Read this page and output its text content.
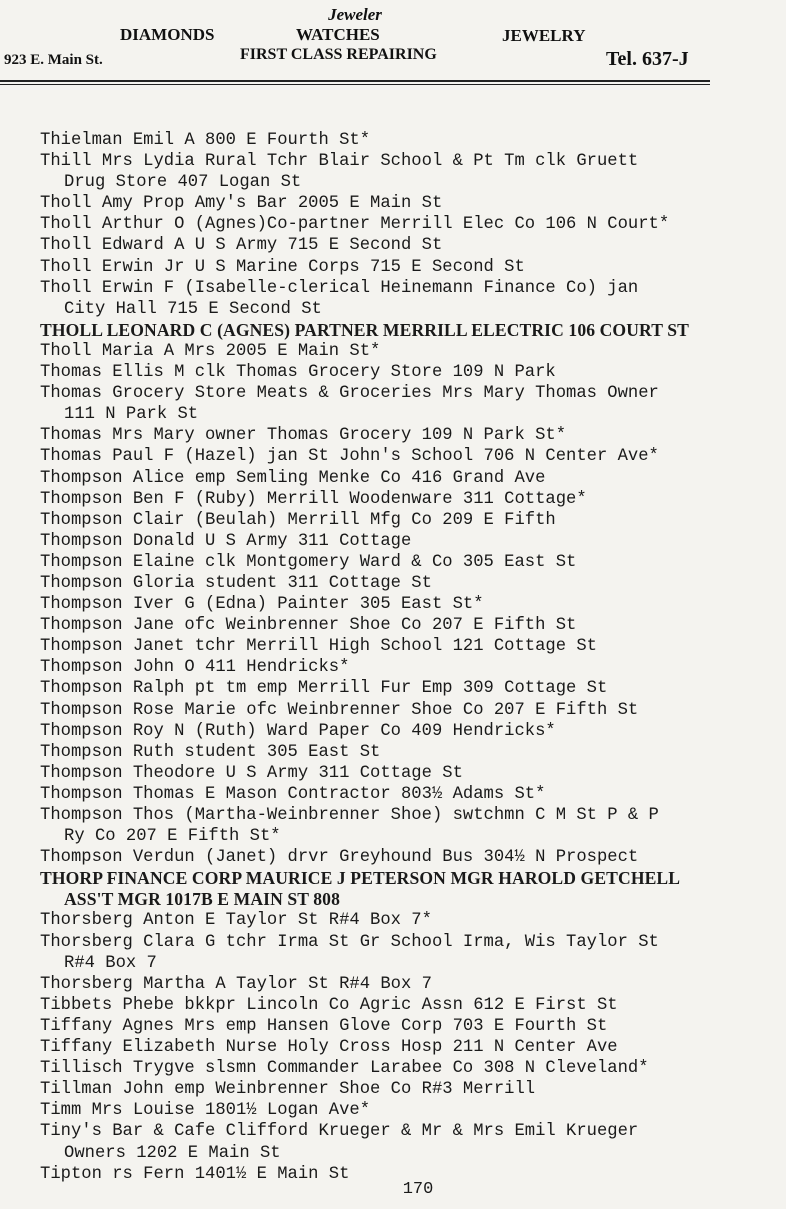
Jeweler
DIAMONDS	WATCHES	JEWELRY
923 E. Main St.	FIRST CLASS REPAIRING	Tel. 637-J
Thielman Emil A 800 E Fourth St*
Thill Mrs Lydia Rural Tchr Blair School & Pt Tm clk Gruett
Drug Store 407 Logan St
Tholl Amy Prop Amy's Bar 2005 E Main St
Tholl Arthur O (Agnes)Co-partner Merrill Elec Co 106 N Court*
Tholl Edward A U S Army 715 E Second St
Tholl Erwin Jr U S Marine Corps 715 E Second St
Tholl Erwin F (Isabelle-clerical Heinemann Finance Co) jan
City Hall 715 E Second St
THOLL LEONARD C (AGNES) PARTNER MERRILL ELECTRIC 106 COURT ST
Tholl Maria A Mrs 2005 E Main St*
Thomas Ellis M clk Thomas Grocery Store 109 N Park
Thomas Grocery Store Meats & Groceries Mrs Mary Thomas Owner
111 N Park St
Thomas Mrs Mary owner Thomas Grocery 109 N Park St*
Thomas Paul F (Hazel) jan St John's School 706 N Center Ave*
Thompson Alice emp Semling Menke Co 416 Grand Ave
Thompson Ben F (Ruby) Merrill Woodenware 311 Cottage*
Thompson Clair (Beulah) Merrill Mfg Co 209 E Fifth
Thompson Donald U S Army 311 Cottage
Thompson Elaine clk Montgomery Ward & Co 305 East St
Thompson Gloria student 311 Cottage St
Thompson Iver G (Edna) Painter 305 East St*
Thompson Jane ofc Weinbrenner Shoe Co 207 E Fifth St
Thompson Janet tchr Merrill High School 121 Cottage St
Thompson John O 411 Hendricks*
Thompson Ralph pt tm emp Merrill Fur Emp 309 Cottage St
Thompson Rose Marie ofc Weinbrenner Shoe Co 207 E Fifth St
Thompson Roy N (Ruth) Ward Paper Co 409 Hendricks*
Thompson Ruth student 305 East St
Thompson Theodore U S Army 311 Cottage St
Thompson Thomas E Mason Contractor 803½ Adams St*
Thompson Thos (Martha-Weinbrenner Shoe) swtchmn C M St P & P
Ry Co 207 E Fifth St*
Thompson Verdun (Janet) drvr Greyhound Bus 304½ N Prospect
THORP FINANCE CORP MAURICE J PETERSON MGR HAROLD GETCHELL
ASS'T MGR 1017B E MAIN ST 808
Thorsberg Anton E Taylor St R#4 Box 7*
Thorsberg Clara G tchr Irma St Gr School Irma, Wis Taylor St
R#4 Box 7
Thorsberg Martha A Taylor St R#4 Box 7
Tibbets Phebe bkkpr Lincoln Co Agric Assn 612 E First St
Tiffany Agnes Mrs emp Hansen Glove Corp 703 E Fourth St
Tiffany Elizabeth Nurse Holy Cross Hosp 211 N Center Ave
Tillisch Trygve slsmn Commander Larabee Co 308 N Cleveland*
Tillman John emp Weinbrenner Shoe Co R#3 Merrill
Timm Mrs Louise 1801½ Logan Ave*
Tiny's Bar & Cafe Clifford Krueger & Mr & Mrs Emil Krueger
Owners 1202 E Main St
Tipton rs Fern 1401½ E Main St
170
